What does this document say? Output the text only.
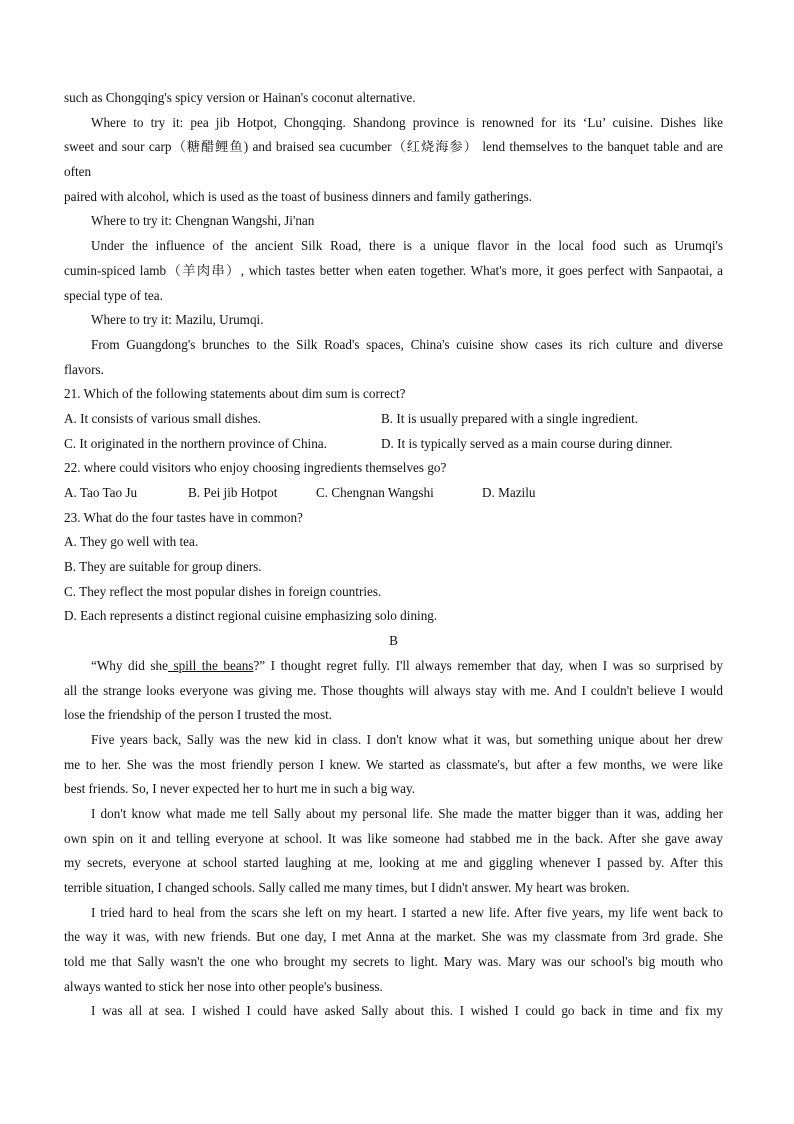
such as Chongqing's spicy version or Hainan's coconut alternative.
Where to try it: pea jib Hotpot, Chongqing. Shandong province is renowned for its ‘Lu’ cuisine. Dishes like
sweet and sour carp（糖醋鲤鱼) and braised sea cucumber（红烧海参） lend themselves to the banquet table and are
often
paired with alcohol, which is used as the toast of business dinners and family gatherings.
Where to try it: Chengnan Wangshi, Ji'nan
Under the influence of the ancient Silk Road, there is a unique flavor in the local food such as Urumqi's
cumin-spiced lamb（羊肉串）, which tastes better when eaten together. What's more, it goes perfect with Sanpaotai, a
special type of tea.
Where to try it: Mazilu, Urumqi.
From Guangdong's brunches to the Silk Road's spaces, China's cuisine show cases its rich culture and diverse
flavors.
21. Which of the following statements about dim sum is correct?
A. It consists of various small dishes.	B. It is usually prepared with a single ingredient.
C. It originated in the northern province of China.	D. It is typically served as a main course during dinner.
22. where could visitors who enjoy choosing ingredients themselves go?
A. Tao Tao Ju	B. Pei jib Hotpot	C. Chengnan Wangshi	D. Mazilu
23. What do the four tastes have in common?
A. They go well with tea.
B. They are suitable for group diners.
C. They reflect the most popular dishes in foreign countries.
D. Each represents a distinct regional cuisine emphasizing solo dining.
B
“Why did she spill the beans?” I thought regret fully. I'll always remember that day, when I was so surprised by
all the strange looks everyone was giving me. Those thoughts will always stay with me. And I couldn't believe I would
lose the friendship of the person I trusted the most.
Five years back, Sally was the new kid in class. I don't know what it was, but something unique about her drew
me to her. She was the most friendly person I knew. We started as classmate's, but after a few months, we were like
best friends. So, I never expected her to hurt me in such a big way.
I don't know what made me tell Sally about my personal life. She made the matter bigger than it was, adding her
own spin on it and telling everyone at school. It was like someone had stabbed me in the back. After she gave away
my secrets, everyone at school started laughing at me, looking at me and giggling whenever I passed by. After this
terrible situation, I changed schools. Sally called me many times, but I didn't answer. My heart was broken.
I tried hard to heal from the scars she left on my heart. I started a new life. After five years, my life went back to
the way it was, with new friends. But one day, I met Anna at the market. She was my classmate from 3rd grade. She
told me that Sally wasn't the one who brought my secrets to light. Mary was. Mary was our school's big mouth who
always wanted to stick her nose into other people's business.
I was all at sea. I wished I could have asked Sally about this. I wished I could go back in time and fix my
